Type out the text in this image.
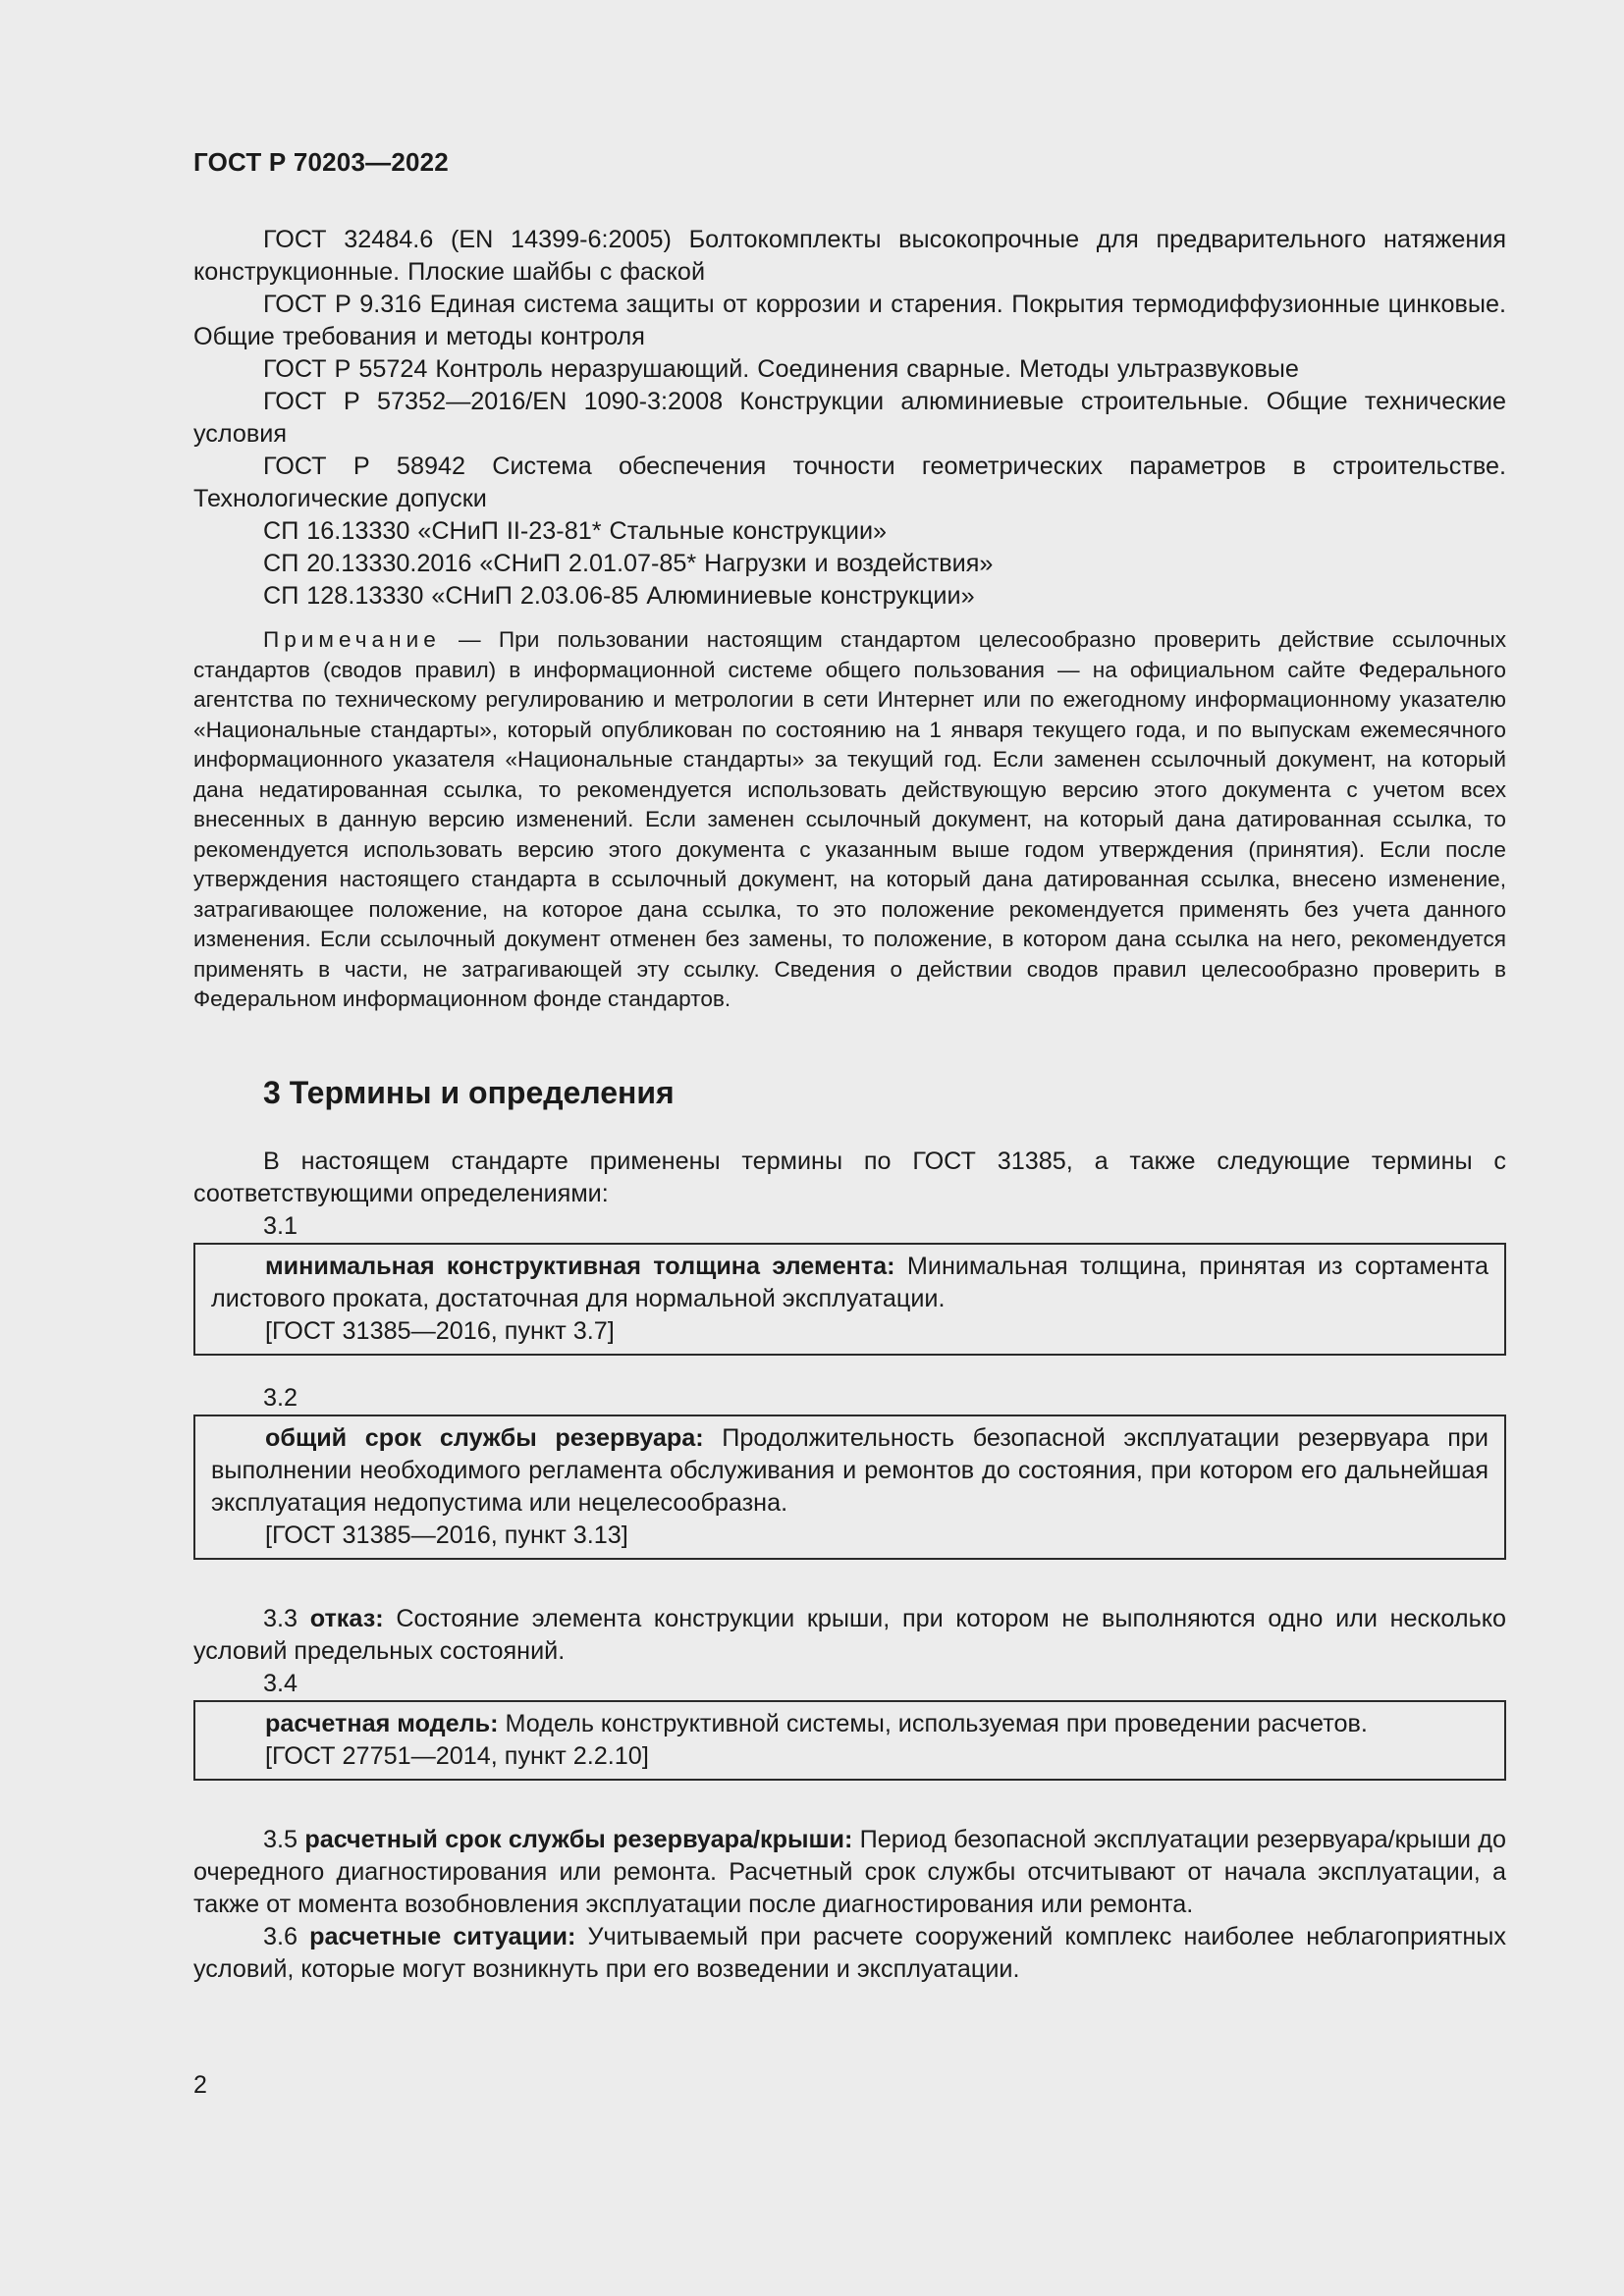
ГОСТ Р 70203—2022

ГОСТ 32484.6 (EN 14399-6:2005) Болтокомплекты высокопрочные для предварительного натяжения конструкционные. Плоские шайбы с фаской

ГОСТ Р 9.316 Единая система защиты от коррозии и старения. Покрытия термодиффузионные цинковые. Общие требования и методы контроля

ГОСТ Р 55724 Контроль неразрушающий. Соединения сварные. Методы ультразвуковые

ГОСТ Р 57352—2016/EN 1090-3:2008 Конструкции алюминиевые строительные. Общие технические условия

ГОСТ Р 58942 Система обеспечения точности геометрических параметров в строительстве. Технологические допуски

СП 16.13330 «СНиП II-23-81* Стальные конструкции»

СП 20.13330.2016 «СНиП 2.01.07-85* Нагрузки и воздействия»

СП 128.13330 «СНиП 2.03.06-85 Алюминиевые конструкции»

Примечание — При пользовании настоящим стандартом целесообразно проверить действие ссылочных стандартов (сводов правил) в информационной системе общего пользования — на официальном сайте Федерального агентства по техническому регулированию и метрологии в сети Интернет или по ежегодному информационному указателю «Национальные стандарты», который опубликован по состоянию на 1 января текущего года, и по выпускам ежемесячного информационного указателя «Национальные стандарты» за текущий год. Если заменен ссылочный документ, на который дана недатированная ссылка, то рекомендуется использовать действующую версию этого документа с учетом всех внесенных в данную версию изменений. Если заменен ссылочный документ, на который дана датированная ссылка, то рекомендуется использовать версию этого документа с указанным выше годом утверждения (принятия). Если после утверждения настоящего стандарта в ссылочный документ, на который дана датированная ссылка, внесено изменение, затрагивающее положение, на которое дана ссылка, то это положение рекомендуется применять без учета данного изменения. Если ссылочный документ отменен без замены, то положение, в котором дана ссылка на него, рекомендуется применять в части, не затрагивающей эту ссылку. Сведения о действии сводов правил целесообразно проверить в Федеральном информационном фонде стандартов.

3 Термины и определения

В настоящем стандарте применены термины по ГОСТ 31385, а также следующие термины с соответствующими определениями:

3.1

минимальная конструктивная толщина элемента: Минимальная толщина, принятая из сортамента листового проката, достаточная для нормальной эксплуатации.

[ГОСТ 31385—2016, пункт 3.7]
3.2

общий срок службы резервуара: Продолжительность безопасной эксплуатации резервуара при выполнении необходимого регламента обслуживания и ремонтов до состояния, при котором его дальнейшая эксплуатация недопустима или нецелесообразна.

[ГОСТ 31385—2016, пункт 3.13]

3.3 отказ: Состояние элемента конструкции крыши, при котором не выполняются одно или несколько условий предельных состояний.

3.4

расчетная модель: Модель конструктивной системы, используемая при проведении расчетов.

[ГОСТ 27751—2014, пункт 2.2.10]

3.5 расчетный срок службы резервуара/крыши: Период безопасной эксплуатации резервуара/крыши до очередного диагностирования или ремонта. Расчетный срок службы отсчитывают от начала эксплуатации, а также от момента возобновления эксплуатации после диагностирования или ремонта.

3.6 расчетные ситуации: Учитываемый при расчете сооружений комплекс наиболее неблагоприятных условий, которые могут возникнуть при его возведении и эксплуатации.

2
